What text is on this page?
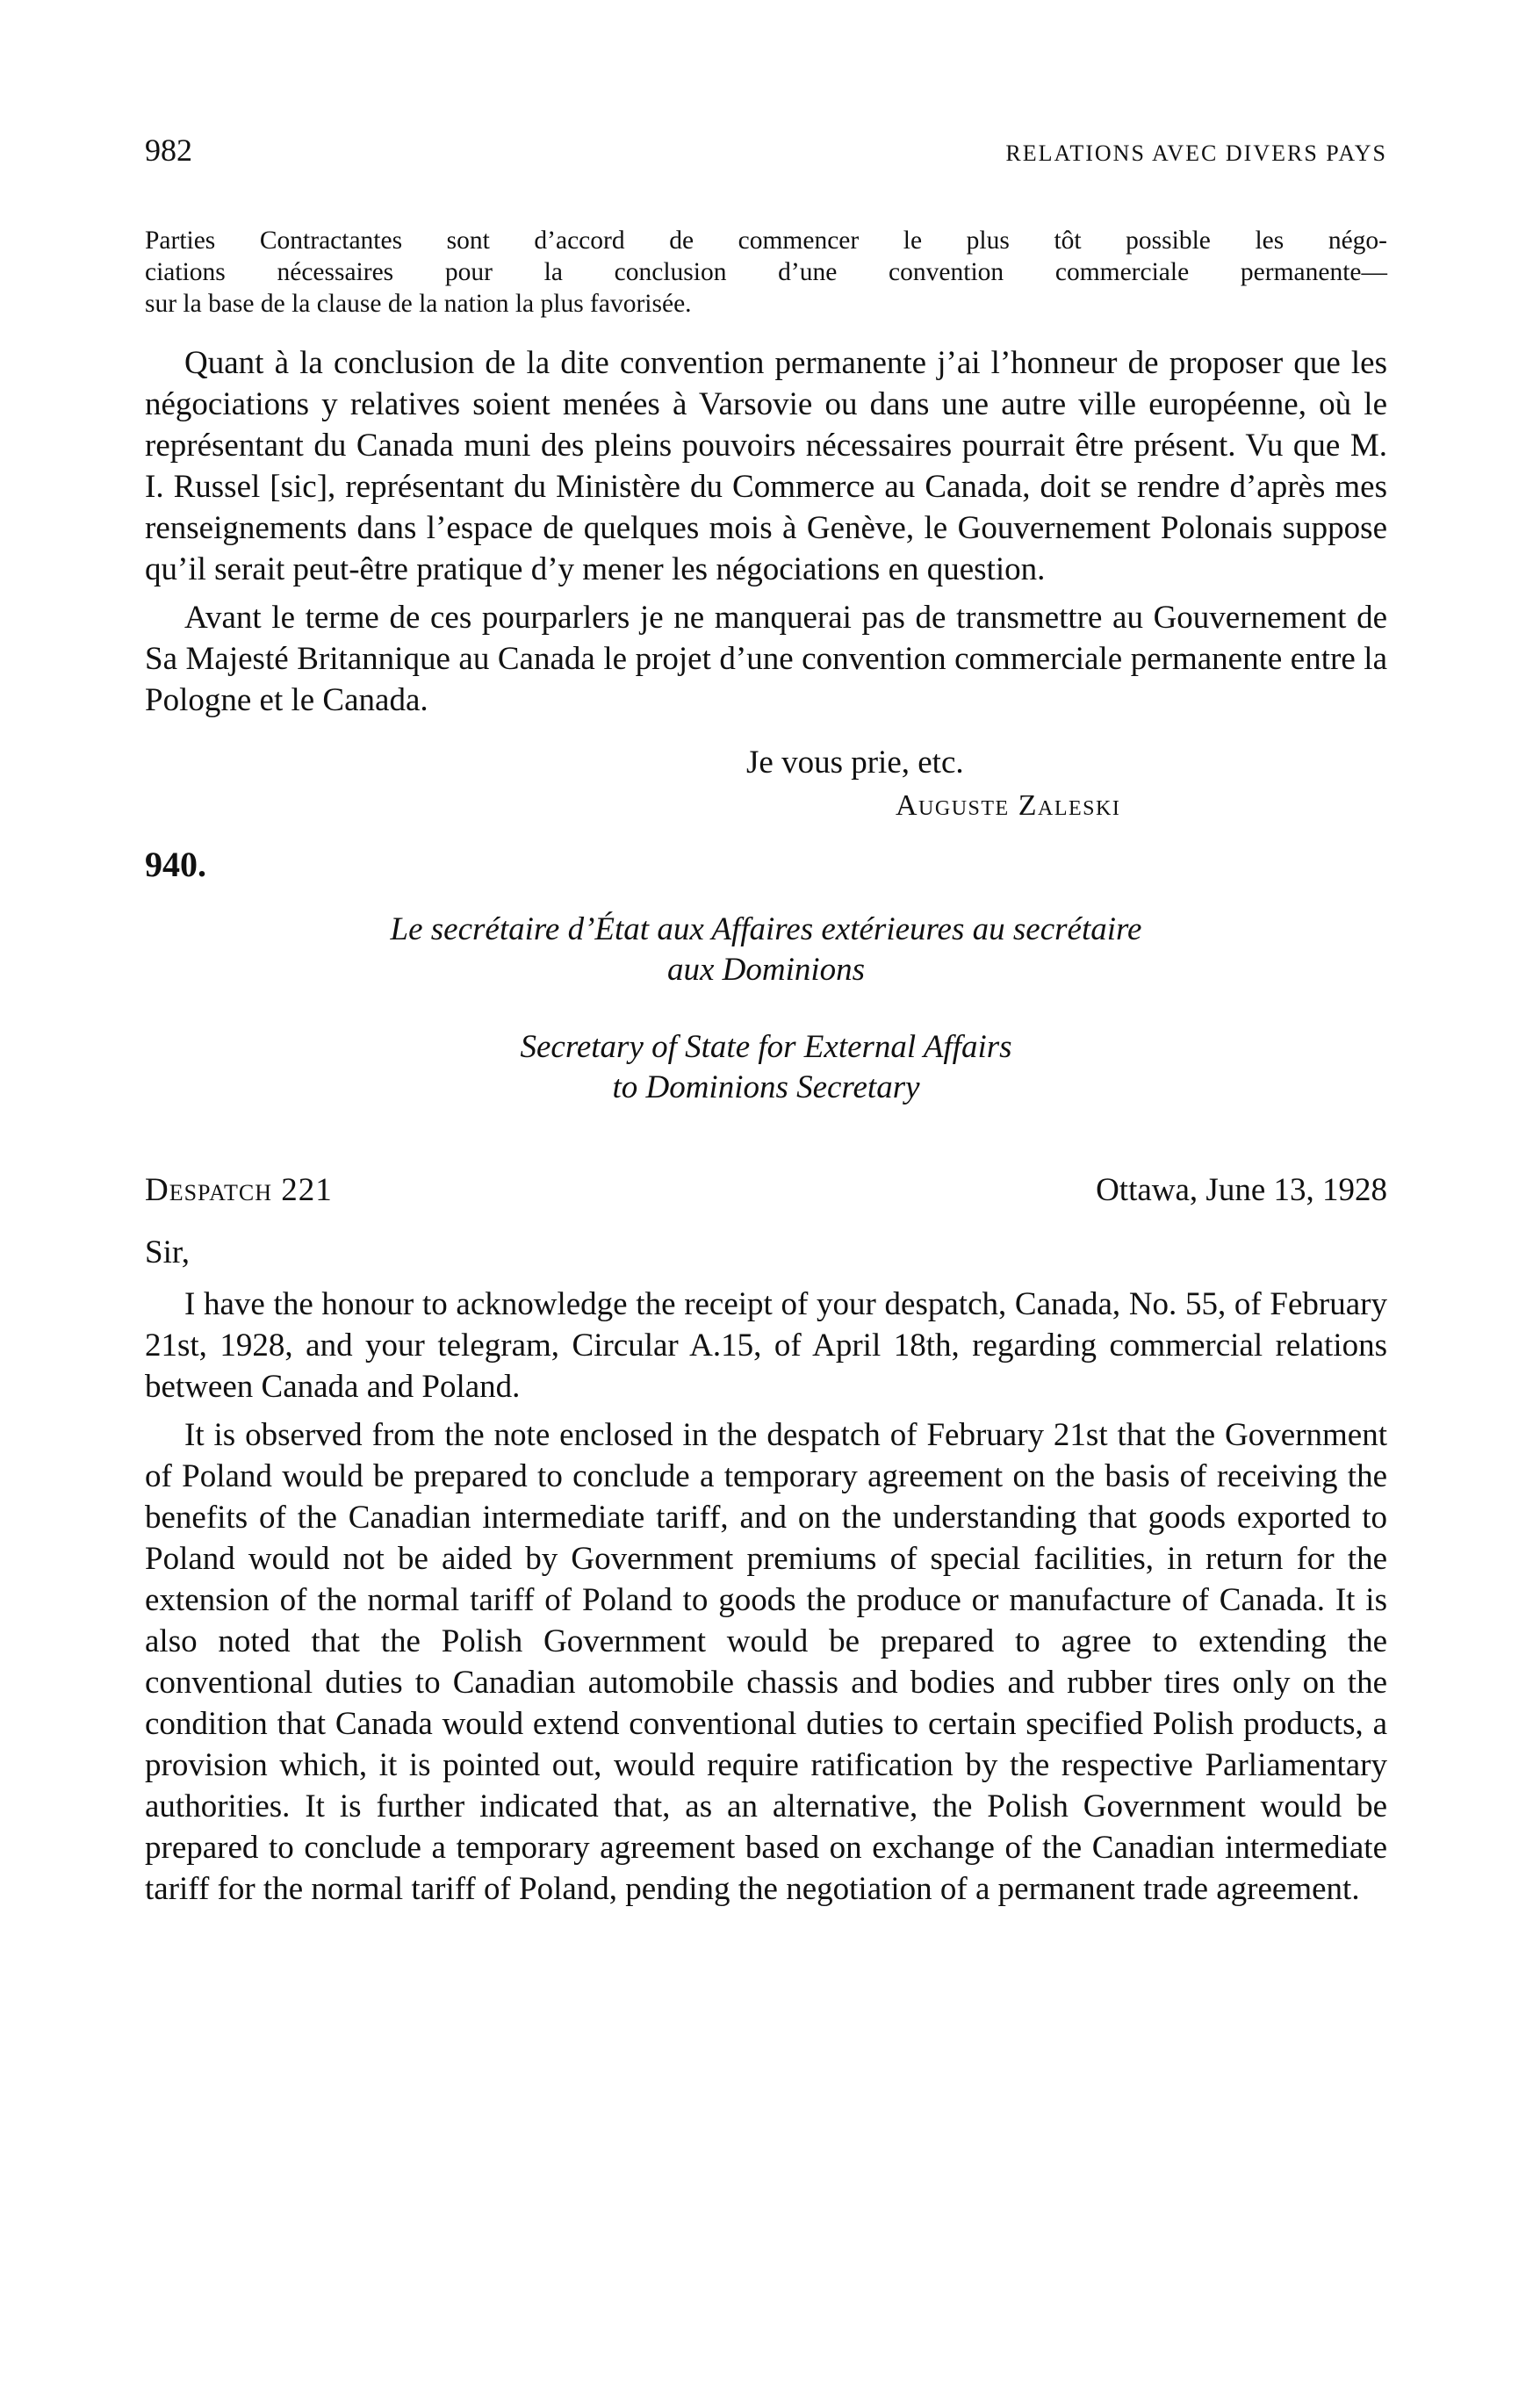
982	RELATIONS AVEC DIVERS PAYS
Parties Contractantes sont d’accord de commencer le plus tôt possible les négo-
ciations nécessaires pour la conclusion d’une convention commerciale permanente—
sur la base de la clause de la nation la plus favorisée.

Quant à la conclusion de la dite convention permanente j’ai l’honneur de proposer que les négociations y relatives soient menées à Varsovie ou dans une autre ville européenne, où le représentant du Canada muni des pleins pouvoirs nécessaires pourrait être présent. Vu que M. I. Russel [sic], représentant du Ministère du Commerce au Canada, doit se rendre d’après mes renseignements dans l’espace de quelques mois à Genève, le Gouvernement Polonais suppose qu’il serait peut-être pratique d’y mener les négociations en question.

Avant le terme de ces pourparlers je ne manquerai pas de transmettre au Gouvernement de Sa Majesté Britannique au Canada le projet d’une convention commerciale permanente entre la Pologne et le Canada.

Je vous prie, etc.
Auguste Zaleski
940.
Le secrétaire d’État aux Affaires extérieures au secrétaire
aux Dominions
Secretary of State for External Affairs
to Dominions Secretary
Despatch 221	Ottawa, June 13, 1928
Sir,

I have the honour to acknowledge the receipt of your despatch, Canada, No. 55, of February 21st, 1928, and your telegram, Circular A.15, of April 18th, regarding commercial relations between Canada and Poland.

It is observed from the note enclosed in the despatch of February 21st that the Government of Poland would be prepared to conclude a temporary agreement on the basis of receiving the benefits of the Canadian intermediate tariff, and on the understanding that goods exported to Poland would not be aided by Government premiums of special facilities, in return for the extension of the normal tariff of Poland to goods the produce or manufacture of Canada. It is also noted that the Polish Government would be prepared to agree to extending the conventional duties to Canadian automobile chassis and bodies and rubber tires only on the condition that Canada would extend conventional duties to certain specified Polish products, a provision which, it is pointed out, would require ratification by the respective Parliamentary authorities. It is further indicated that, as an alternative, the Polish Government would be prepared to conclude a temporary agreement based on exchange of the Canadian intermediate tariff for the normal tariff of Poland, pending the negotiation of a permanent trade agreement.
